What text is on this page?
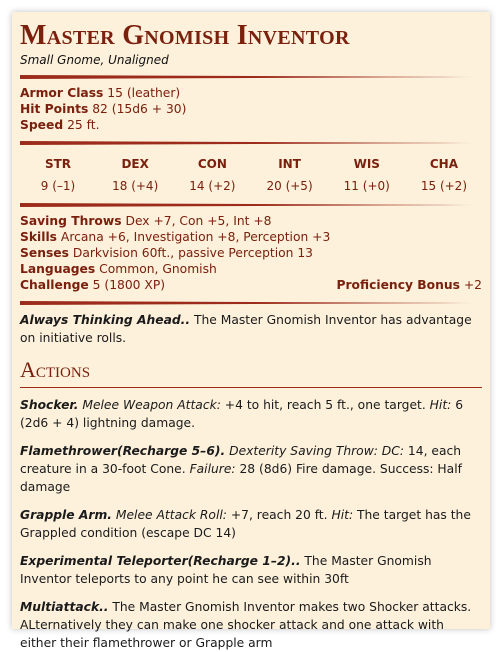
Master Gnomish Inventor
Small Gnome, Unaligned
Armor Class 15 (leather)
Hit Points 82 (15d6 + 30)
Speed 25 ft.
STR
9 (–1)
DEX
18 (+4)
CON
14 (+2)
INT
20 (+5)
WIS
11 (+0)
CHA
15 (+2)
Saving Throws Dex +7, Con +5, Int +8
Skills Arcana +6, Investigation +8, Perception +3
Senses Darkvision 60ft., passive Perception 13
Languages Common, Gnomish
Challenge 5 (1800 XP)	Proficiency Bonus +2
Always Thinking Ahead.. The Master Gnomish Inventor has advantage on initiative rolls.
Actions
Shocker. Melee Weapon Attack: +4 to hit, reach 5 ft., one target. Hit: 6 (2d6 + 4) lightning damage.
Flamethrower(Recharge 5–6). Dexterity Saving Throw: DC: 14, each creature in a 30-foot Cone. Failure: 28 (8d6) Fire damage. Success: Half damage
Grapple Arm. Melee Attack Roll: +7, reach 20 ft. Hit: The target has the Grappled condition (escape DC 14)
Experimental Teleporter(Recharge 1–2).. The Master Gnomish Inventor teleports to any point he can see within 30ft
Multiattack.. The Master Gnomish Inventor makes two Shocker attacks. ALternatively they can make one shocker attack and one attack with either their flamethrower or Grapple arm
